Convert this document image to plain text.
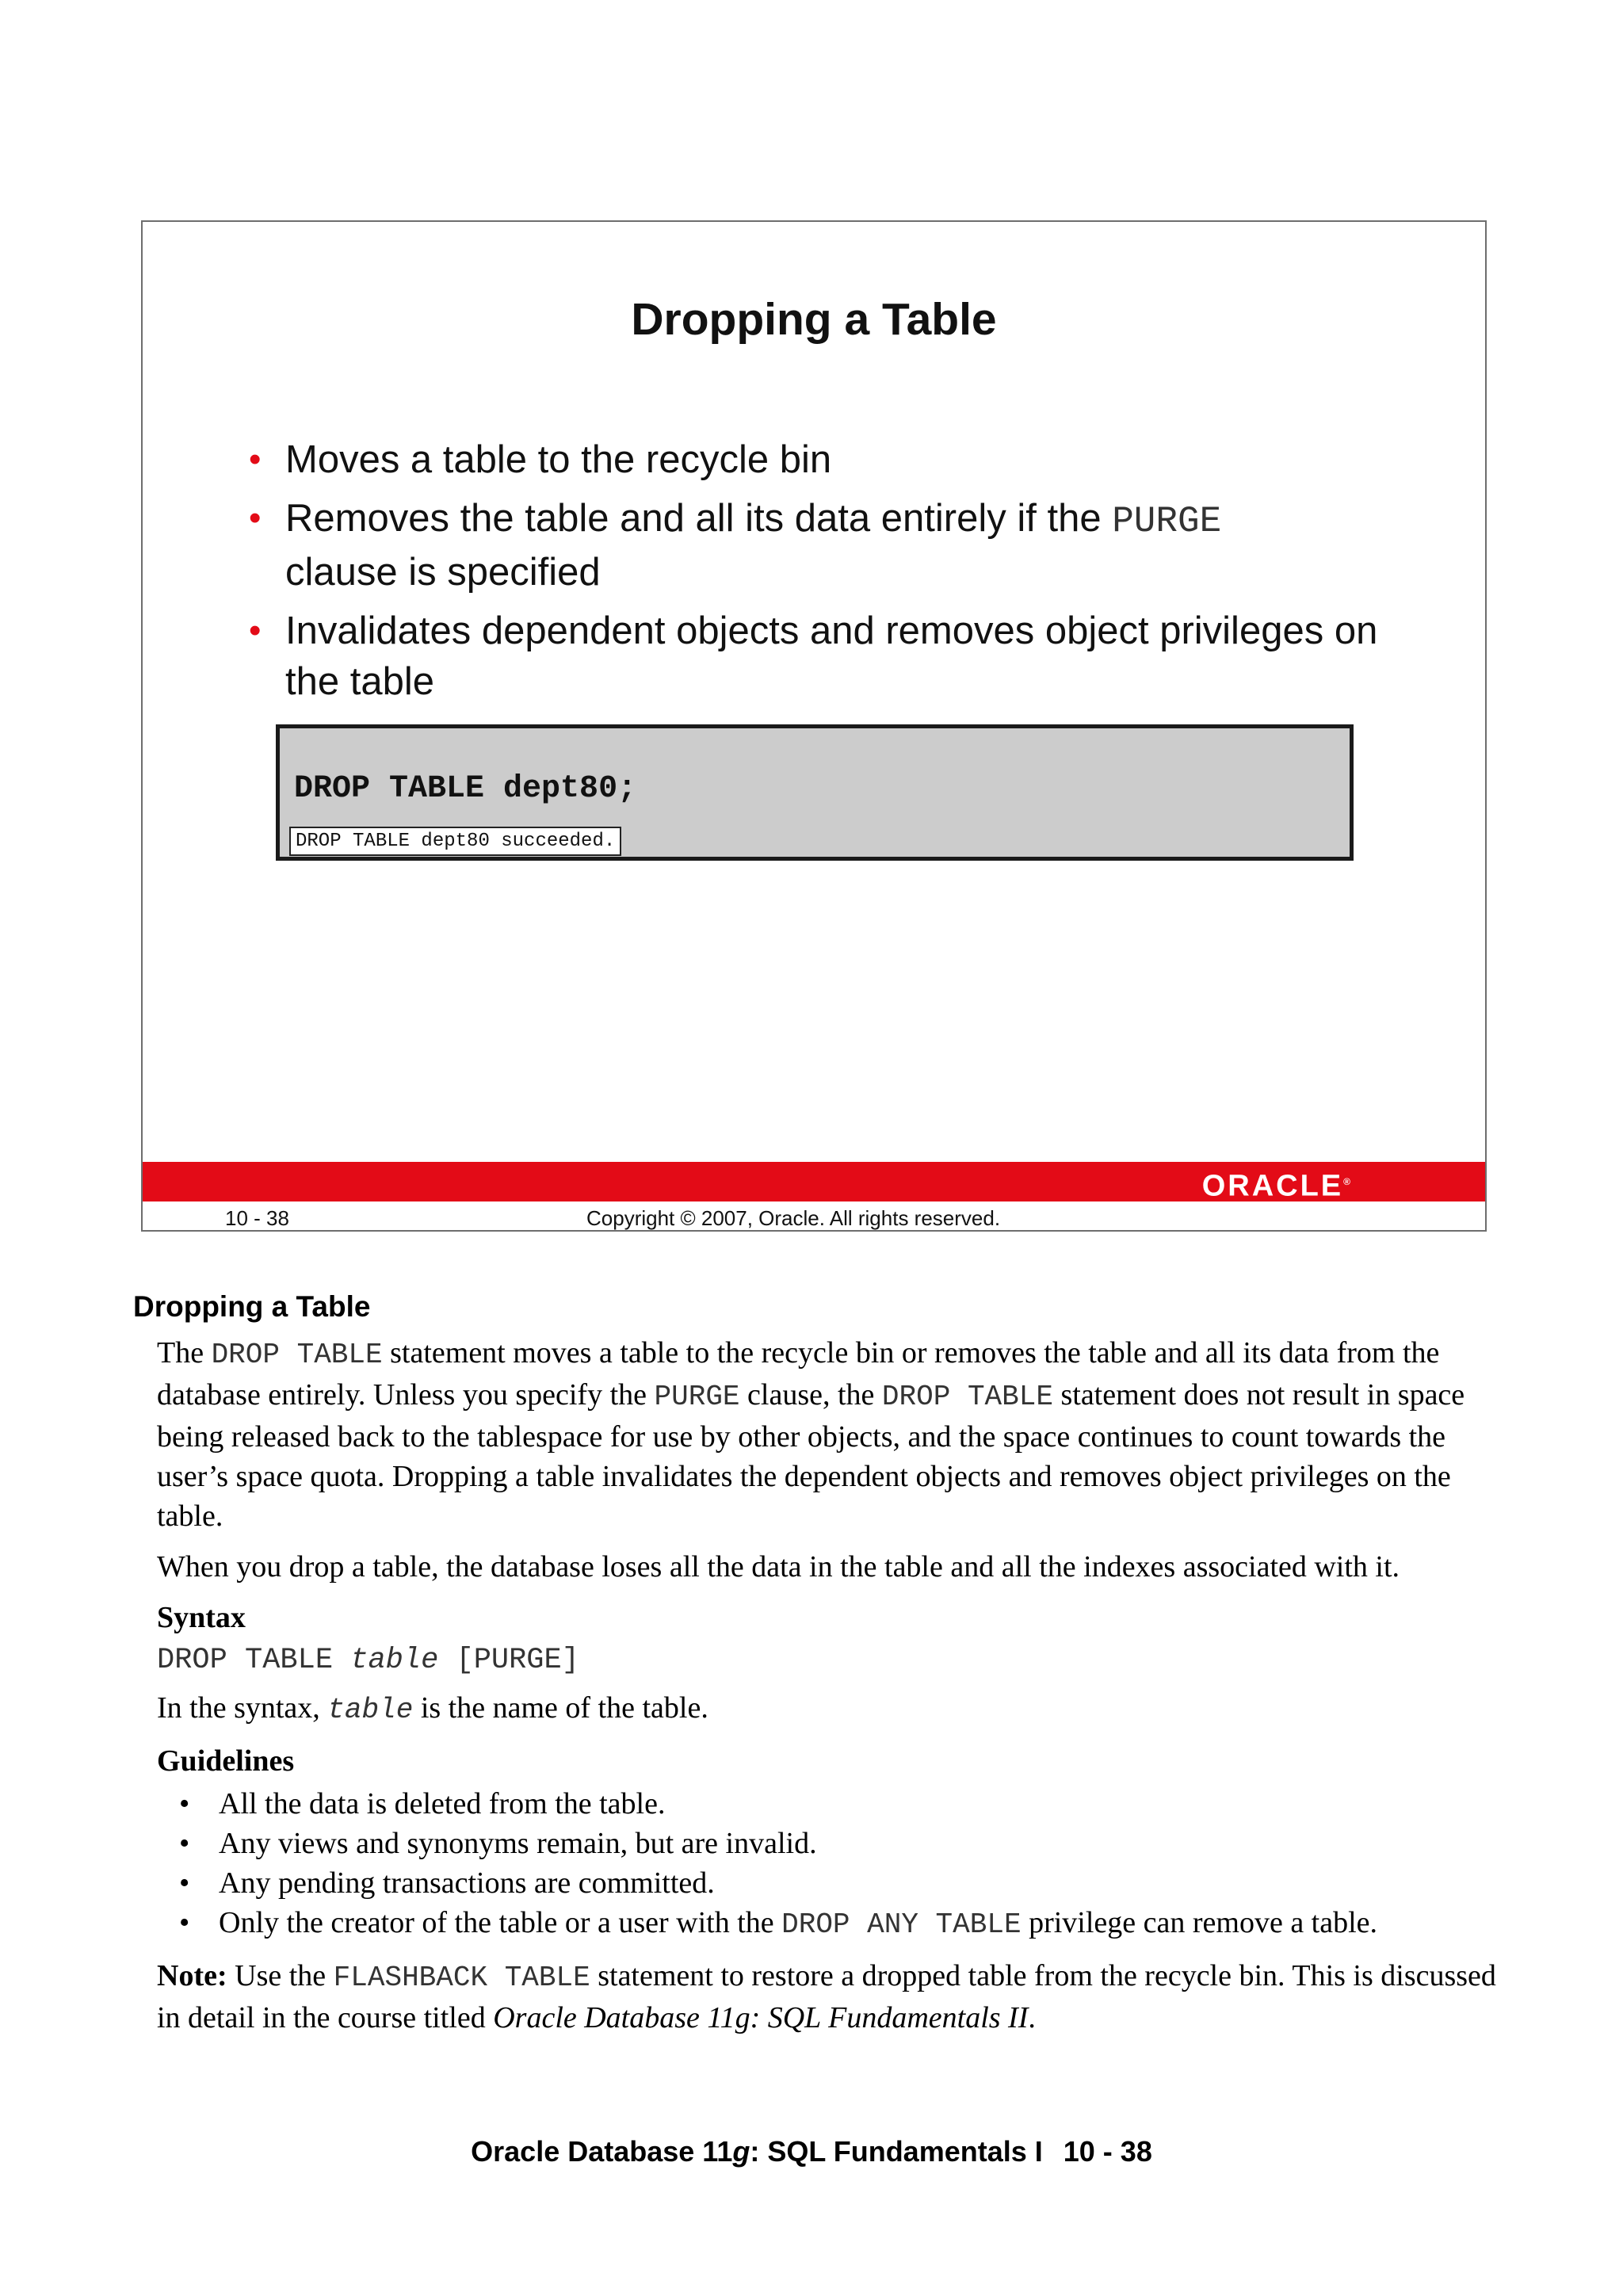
Dropping a Table
• Moves a table to the recycle bin
• Removes the table and all its data entirely if the PURGE
clause is specified
• Invalidates dependent objects and removes object privileges on the table
DROP TABLE dept80;
DROP TABLE dept80 succeeded.
ORACLE®
10 - 38	Copyright © 2007, Oracle. All rights reserved.
Dropping a Table

The DROP TABLE statement moves a table to the recycle bin or removes the table and all its data from the database entirely. Unless you specify the PURGE clause, the DROP TABLE statement does not result in space being released back to the tablespace for use by other objects, and the space continues to count towards the user’s space quota. Dropping a table invalidates the dependent objects and removes object privileges on the table.

When you drop a table, the database loses all the data in the table and all the indexes associated with it.

Syntax
DROP TABLE table [PURGE]

In the syntax, table is the name of the table.

Guidelines
• All the data is deleted from the table.
• Any views and synonyms remain, but are invalid.
• Any pending transactions are committed.
• Only the creator of the table or a user with the DROP ANY TABLE privilege can remove a table.

Note: Use the FLASHBACK TABLE statement to restore a dropped table from the recycle bin. This is discussed in detail in the course titled Oracle Database 11g: SQL Fundamentals II.

Oracle Database 11g: SQL Fundamentals I 10 - 38
